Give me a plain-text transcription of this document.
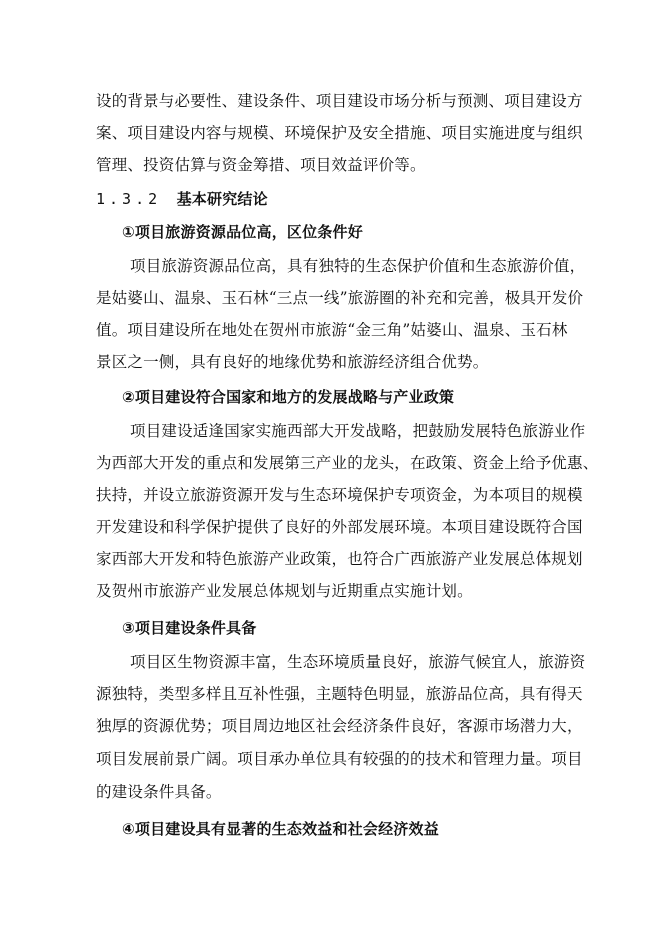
设的背景与必要性、建设条件、项目建设市场分析与预测、项目建设方
案、项目建设内容与规模、环境保护及安全措施、项目实施进度与组织
管理、投资估算与资金筹措、项目效益评价等。
1.3.2 基本研究结论
①项目旅游资源品位高，区位条件好
项目旅游资源品位高，具有独特的生态保护价值和生态旅游价值，
是姑婆山、温泉、玉石林“三点一线”旅游圈的补充和完善，极具开发价
值。项目建设所在地处在贺州市旅游“金三角”姑婆山、温泉、玉石林
景区之一侧，具有良好的地缘优势和旅游经济组合优势。
②项目建设符合国家和地方的发展战略与产业政策
项目建设适逢国家实施西部大开发战略，把鼓励发展特色旅游业作
为西部大开发的重点和发展第三产业的龙头，在政策、资金上给予优惠、
扶持，并设立旅游资源开发与生态环境保护专项资金，为本项目的规模
开发建设和科学保护提供了良好的外部发展环境。本项目建设既符合国
家西部大开发和特色旅游产业政策，也符合广西旅游产业发展总体规划
及贺州市旅游产业发展总体规划与近期重点实施计划。
③项目建设条件具备
项目区生物资源丰富，生态环境质量良好，旅游气候宜人，旅游资
源独特，类型多样且互补性强，主题特色明显，旅游品位高，具有得天
独厚的资源优势；项目周边地区社会经济条件良好，客源市场潜力大，
项目发展前景广阔。项目承办单位具有较强的的技术和管理力量。项目
的建设条件具备。
④项目建设具有显著的生态效益和社会经济效益
